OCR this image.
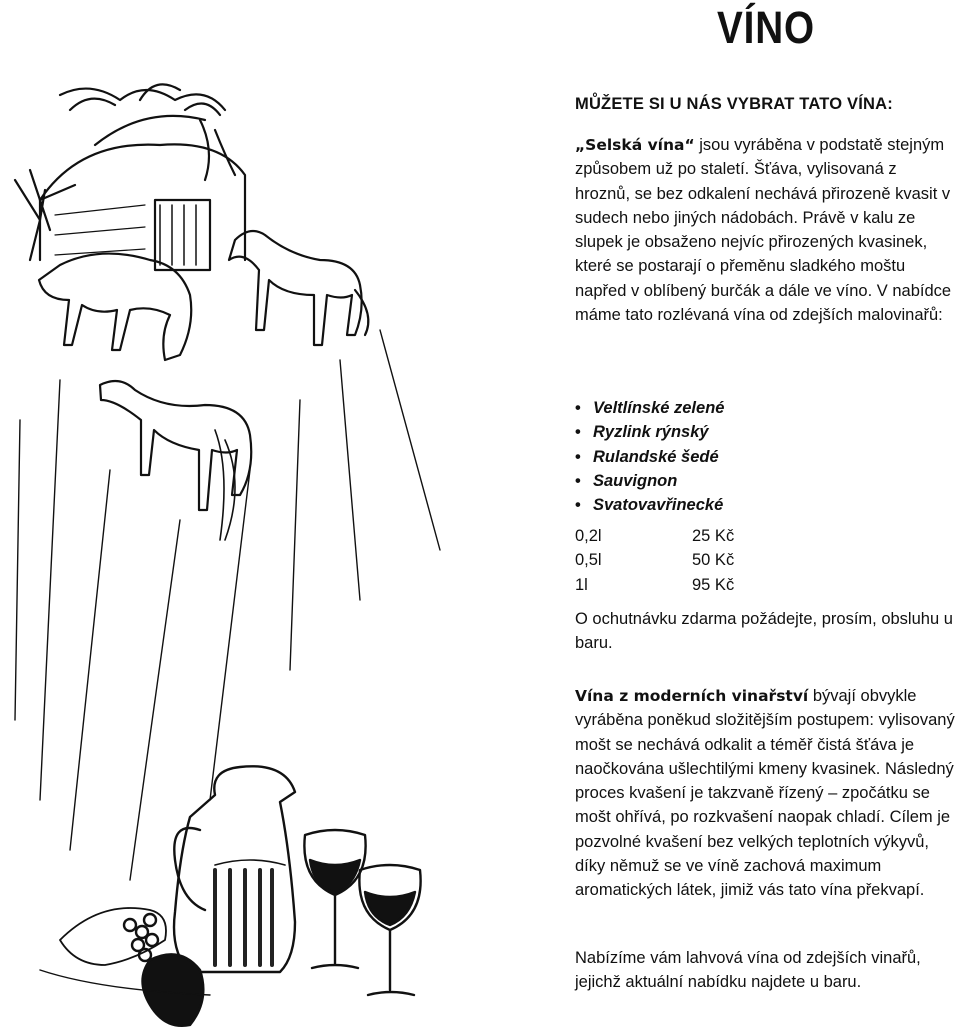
VÍNO
MŮŽETE SI U NÁS VYBRAT TATO VÍNA:
„Selská vína“ jsou vyráběna v podstatě stejným způsobem už po staletí. Šťáva, vylisovaná z hroznů, se bez odkalení nechává přirozeně kvasit v sudech nebo jiných nádobách. Právě v kalu ze slupek je obsaženo nejvíc přirozených kvasinek, které se postarají o přeměnu sladkého moštu napřed v oblíbený burčák a dále ve víno. V nabídce máme tato rozlévaná vína od zdejších malovinařů:
• Veltlínské zelené
• Ryzlink rýnský
• Rulandské šedé
• Sauvignon
• Svatovavřinecké
0,2l	25 Kč
0,5l	50 Kč
1l	95 Kč
O ochutnávku zdarma požádejte, prosím, obsluhu u baru.
Vína z moderních vinařství bývají obvykle vyráběna poněkud složitějším postupem: vylisovaný mošt se nechává odkalit a téměř čistá šťáva je naočkována ušlechtilými kmeny kvasinek. Následný proces kvašení je takzvaně řízený – zpočátku se mošt ohřívá, po rozkvašení naopak chladí. Cílem je pozvolné kvašení bez velkých teplotních výkyvů, díky němuž se ve víně zachová maximum aromatických látek, jimiž vás tato vína překvapí.
Nabízíme vám lahvová vína od zdejších vinařů, jejichž aktuální nabídku najdete u baru.
